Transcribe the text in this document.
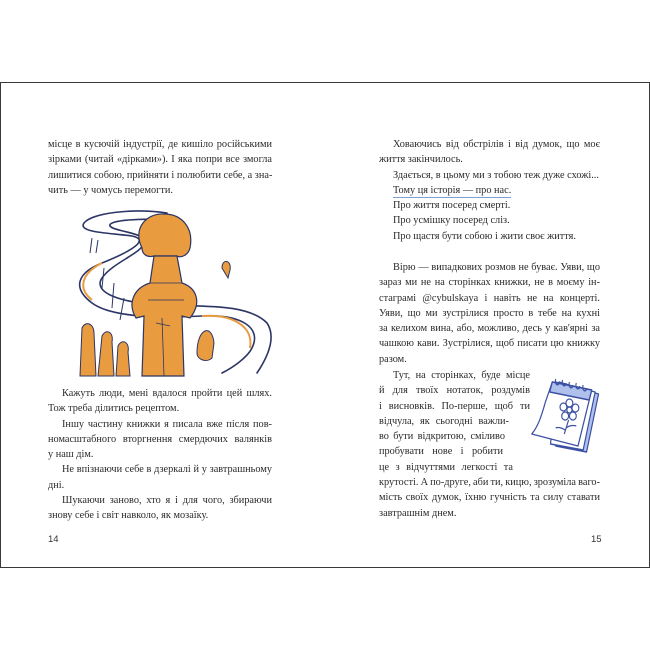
місце в кусючій індустрії, де кишіло російськими
зірками (читай «дірками»). І яка попри все змогла
лишитися собою, прийняти і полюбити себе, а зна-
чить — у чомусь перемогти.
Кажуть люди, мені вдалося пройти цей шлях.
Тож треба ділитись рецептом.
Іншу частину книжки я писала вже після пов-
номасштабного вторгнення смердючих валянків
у наш дім.
Не впізнаючи себе в дзеркалі й у завтрашньому
дні.
Шукаючи заново, хто я і для чого, збираючи
знову себе і світ навколо, як мозаїку.
14
Ховаючись від обстрілів і від думок, що моє
життя закінчилось.
Здається, в цьому ми з тобою теж дуже схожі...
Тому ця історія — про нас.
Про життя посеред смерті.
Про усмішку посеред сліз.
Про щастя бути собою і жити своє життя.
Вірю — випадкових розмов не буває. Уяви, що
зараз ми не на сторінках книжки, не в моєму ін-
стаграмі @cybulskaya і навіть не на концерті.
Уяви, що ми зустрілися просто в тебе на кухні
за келихом вина, або, можливо, десь у кав'ярні за
чашкою кави. Зустрілися, щоб писати цю книжку
разом.
Тут, на сторінках, буде місце
й для твоїх нотаток, роздумів
і висновків. По-перше, щоб ти
відчула, як сьогодні важли-
во бути відкритою, сміливо
пробувати нове і робити
це з відчуттями легкості та
крутості. А по-друге, аби ти, кицю, зрозуміла ваго-
мість своїх думок, їхню гучність та силу ставати
завтрашнім днем.
15
